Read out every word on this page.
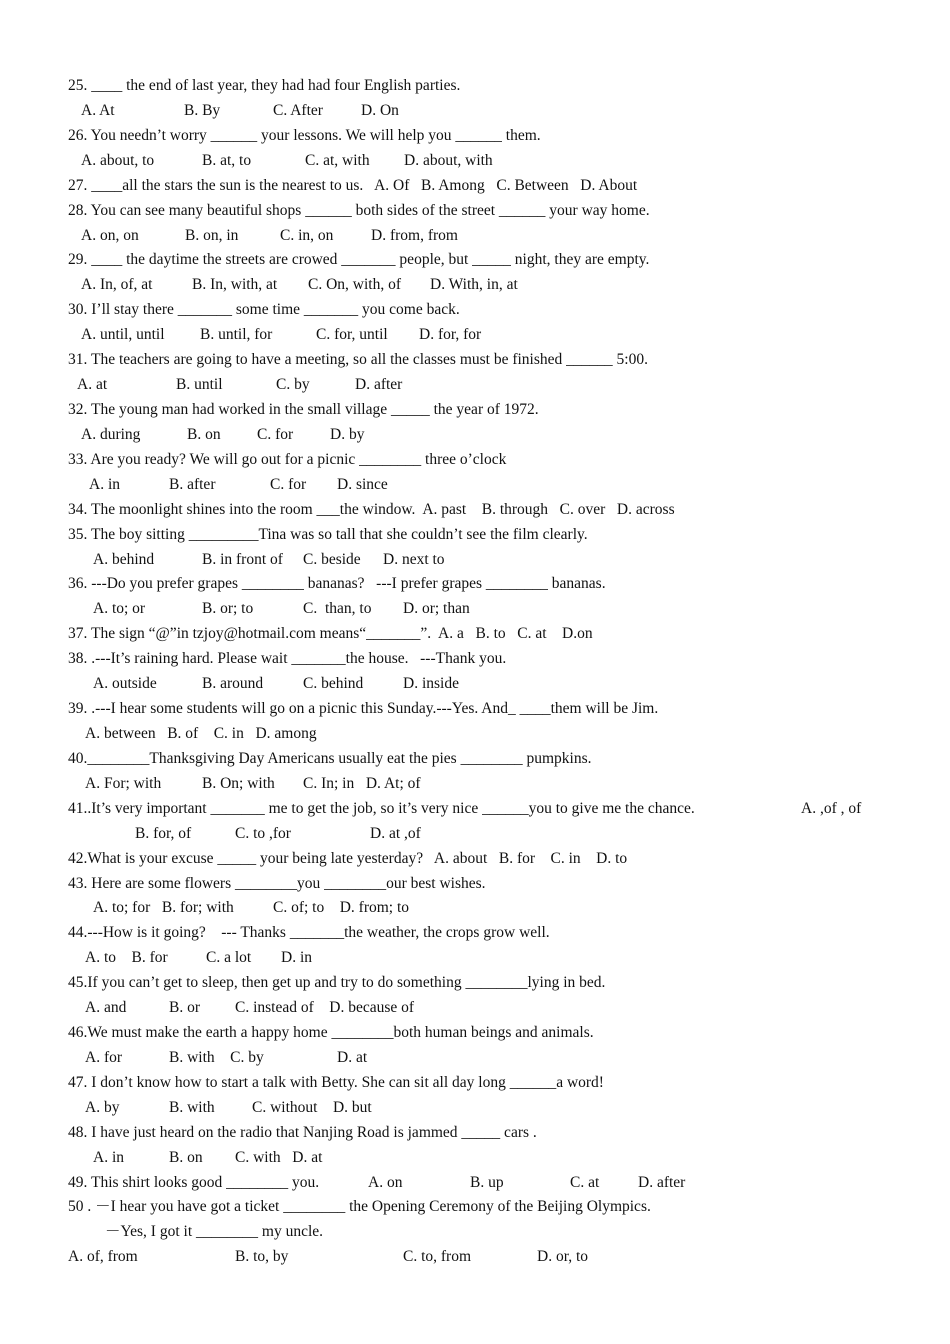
25. ____ the end of last year, they had had four English parties.
A. At	B. By	C. After D. On
26. You needn’t worry ______ your lessons. We will help you ______ them.
A. about, to	B. at, to	C. at, with D. about, with
27. ____all the stars the sun is the nearest to us.   A. Of   B. Among   C. Between   D. About
28. You can see many beautiful shops ______ both sides of the street ______ your way home.
A. on, on	B. on, in	C. in, on D. from, from
29. ____ the daytime the streets are crowed _______ people, but _____ night, they are empty.
A. In, of, at	B. In, with, at C. On, with, of D. With, in, at
30. I’ll stay there _______ some time _______ you come back.
A. until, until B. until, for	C. for, until D. for, for
31. The teachers are going to have a meeting, so all the classes must be finished ______ 5:00.
A. at	B. until	C. by	D. after
32. The young man had worked in the small village _____ the year of 1972.
A. during	B. on C. for D. by
33. Are you ready? We will go out for a picnic ________ three o’clock
A. in	B. after	C. for D. since
34. The moonlight shines into the room ___the window.  A. past    B. through   C. over   D. across
35. The boy sitting _________Tina was so tall that she couldn’t see the film clearly.
A. behind	B. in front of C. beside D. next to
36. ---Do you prefer grapes ________ bananas?   ---I prefer grapes ________ bananas.
A. to; or	B. or; to	C.  than, to D. or; than
37. The sign “@”in tzjoy@hotmail.com means“_______”.  A. a   B. to   C. at    D.on
38. .---It’s raining hard. Please wait _______the house.   ---Thank you.
A. outside	B. around	C. behind	D. inside
39. .---I hear some students will go on a picnic this Sunday.---Yes. And_ ____them will be Jim.
A. between   B. of    C. in   D. among
40.________Thanksgiving Day Americans usually eat the pies ________ pumpkins.
A. For; with	B. On; with C. In; in   D. At; of
41..It’s very important _______ me to get the job, so it’s very nice ______you to give me the chance.	A. ,of , of
B. for, of	C. to ,for	D. at ,of
42.What is your excuse _____ your being late yesterday?   A. about   B. for    C. in    D. to
43. Here are some flowers ________you ________our best wishes.
A. to; for   B. for; with	C. of; to    D. from; to
44.---How is it going?    --- Thanks _______the weather, the crops grow well.
A. to    B. for C. a lot D. in
45.If you can’t get to sleep, then get up and try to do something ________lying in bed.
A. and	B. or C. instead of    D. because of
46.We must make the earth a happy home ________both human beings and animals.
A. for	B. with    C. by	D. at
47. I don’t know how to start a talk with Betty. She can sit all day long ______a word!
A. by	B. with C. without    D. but
48. I have just heard on the radio that Nanjing Road is jammed _____ cars .
A. in	B. on C. with   D. at
49. This shirt looks good ________ you.	A. on	B. up	C. at D. after
50 . －I hear you have got a ticket ________ the Opening Ceremony of the Beijing Olympics.
－Yes, I got it ________ my uncle.
A. of, from	B. to, by	C. to, from	D. or, to
